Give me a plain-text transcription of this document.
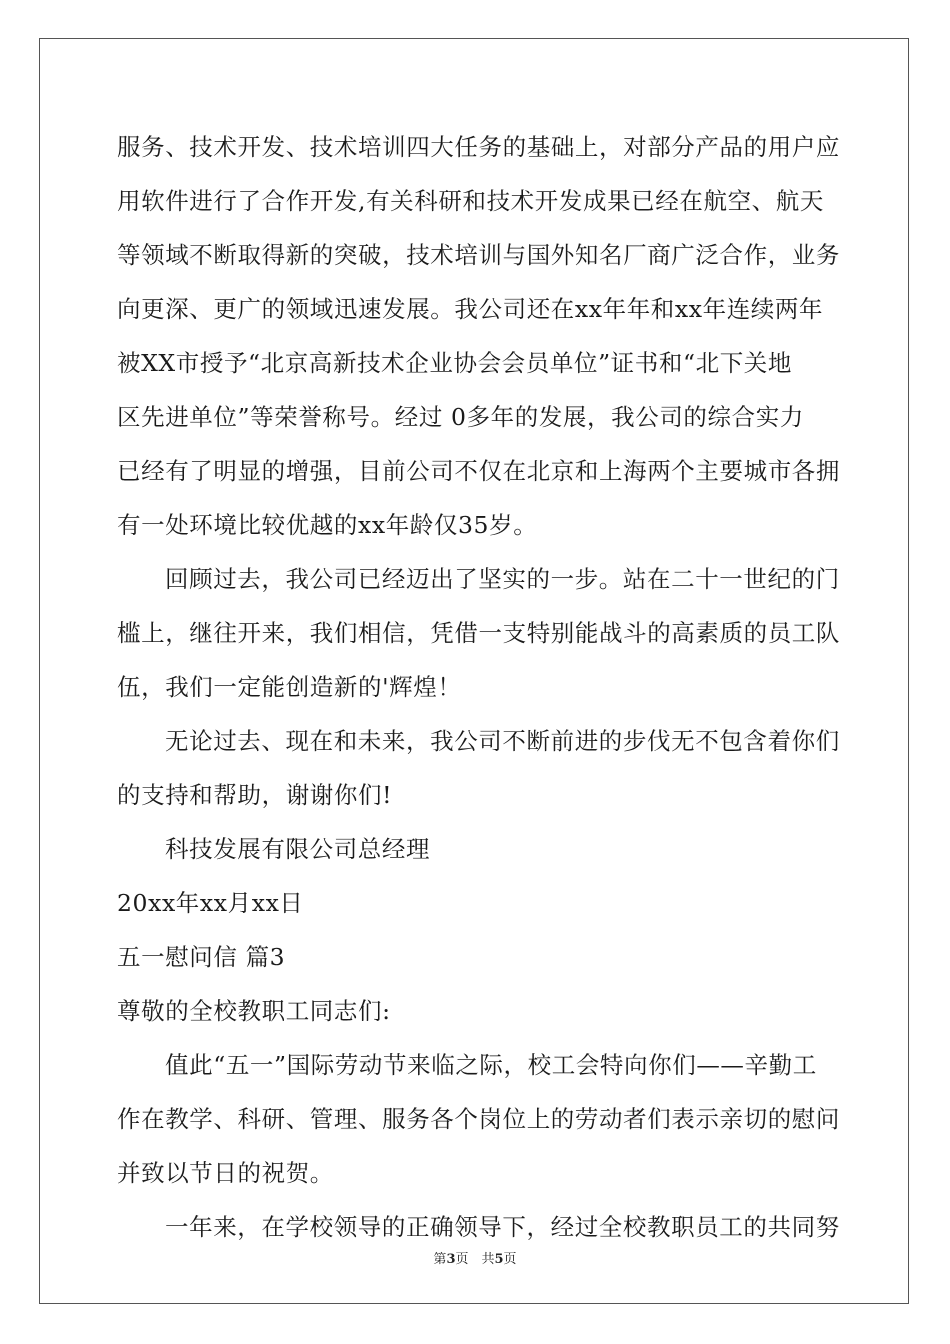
服务、技术开发、技术培训四大任务的基础上，对部分产品的用户应

用软件进行了合作开发,有关科研和技术开发成果已经在航空、航天

等领域不断取得新的突破，技术培训与国外知名厂商广泛合作，业务

向更深、更广的领域迅速发展。我公司还在xx年年和xx年连续两年

被XX市授予“北京高新技术企业协会会员单位”证书和“北下关地

区先进单位”等荣誉称号。经过 0多年的发展，我公司的综合实力

已经有了明显的增强，目前公司不仅在北京和上海两个主要城市各拥

有一处环境比较优越的xx年龄仅35岁。

回顾过去，我公司已经迈出了坚实的一步。站在二十一世纪的门

槛上，继往开来，我们相信，凭借一支特别能战斗的高素质的员工队

伍，我们一定能创造新的'辉煌！

无论过去、现在和未来，我公司不断前进的步伐无不包含着你们

的支持和帮助，谢谢你们!

科技发展有限公司总经理

20xx年xx月xx日

五一慰问信 篇3

尊敬的全校教职工同志们:

值此“五一”国际劳动节来临之际，校工会特向你们——辛勤工

作在教学、科研、管理、服务各个岗位上的劳动者们表示亲切的慰问

并致以节日的祝贺。

一年来，在学校领导的正确领导下，经过全校教职员工的共同努

第3页　共5页
